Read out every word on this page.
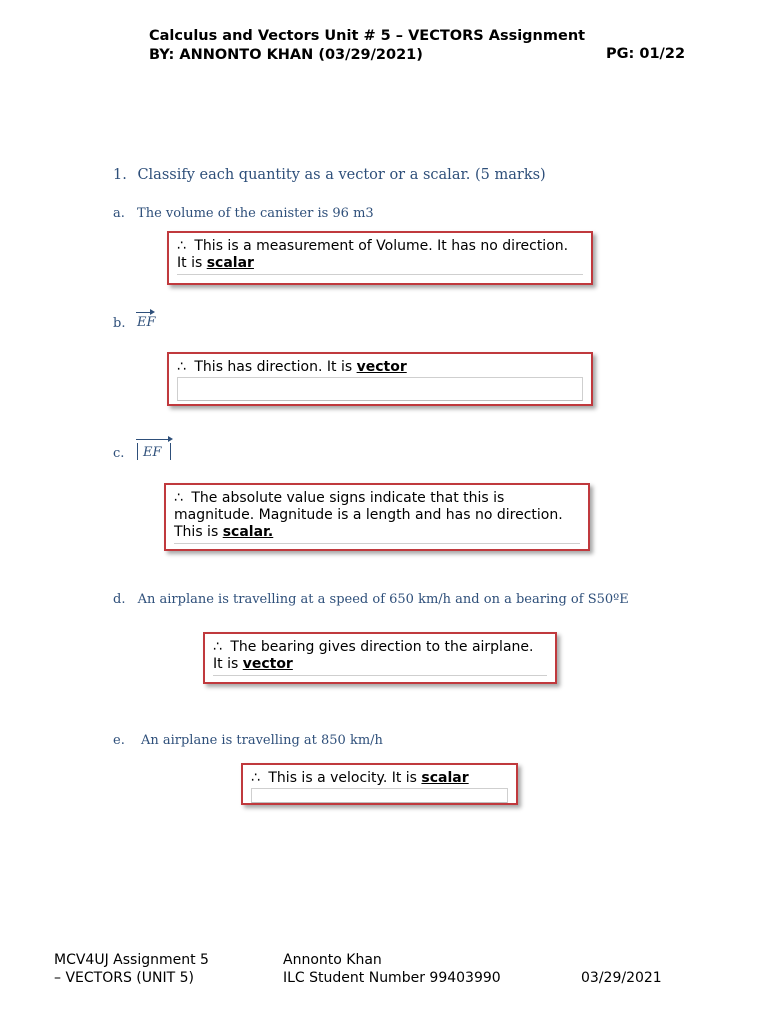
Calculus and Vectors Unit # 5 – VECTORS Assignment
BY: ANNONTO KHAN (03/29/2021)	PG: 01/22
1. Classify each quantity as a vector or a scalar. (5 marks)
a. The volume of the canister is 96 m3
∴ This is a measurement of Volume. It has no direction.
It is scalar
b. EF
∴ This has direction. It is vector
c. EF
∴ The absolute value signs indicate that this is
magnitude. Magnitude is a length and has no direction.
This is scalar.
d. An airplane is travelling at a speed of 650 km/h and on a bearing of S50ºE
∴ The bearing gives direction to the airplane.
It is vector
e. An airplane is travelling at 850 km/h
∴ This is a velocity. It is scalar
MCV4UJ Assignment 5
– VECTORS (UNIT 5)
Annonto Khan
ILC Student Number 99403990	03/29/2021
